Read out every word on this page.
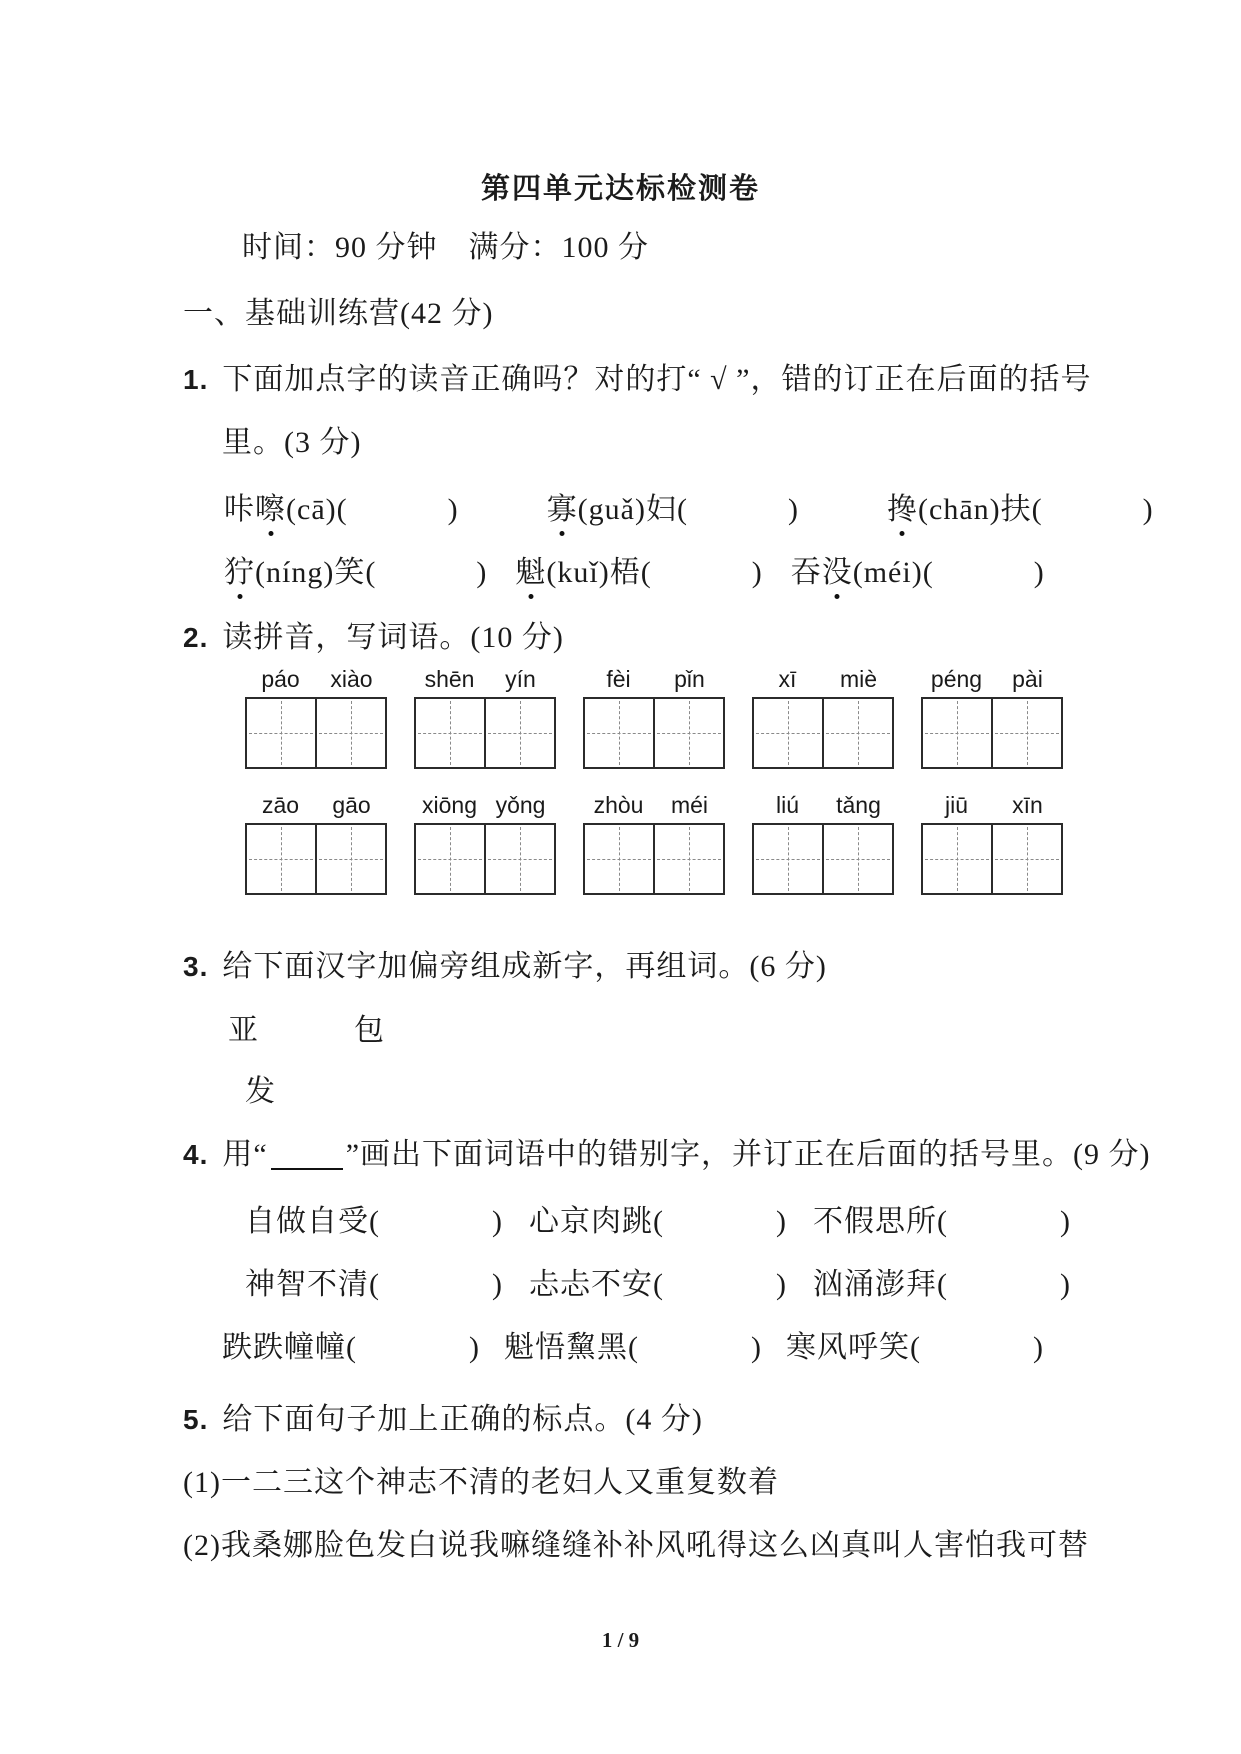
第四单元达标检测卷
时间：90 分钟　满分：100 分
一、基础训练营(42 分)
1. 下面加点字的读音正确吗？对的打“ √ ”，错的订正在后面的括号
里。(3 分)
咔嚓(cā)(	)	寡(guǎ)妇(	)	搀(chān)扶(	)
狞(níng)笑(	) 魁(kuǐ)梧(	) 吞没(méi)(	)
2. 读拼音，写词语。(10 分)
páo	xiào	shēn	yín	fèi	pǐn	xī	miè	péng	pài
zāo	gāo	xiōng yǒng	zhòu	méi	liú	tǎng	jiū	xīn
3. 给下面汉字加偏旁组成新字，再组词。(6 分)
亚	包
发
4. 用“	”画出下面词语中的错别字，并订正在后面的括号里。(9 分)
自做自受(	) 心京肉跳(	) 不假思所(	)
神智不清(	) 忐忐不安(	) 汹涌澎拜(	)
跌跌幢幢(	) 魁悟黧黑(	) 寒风呼笑(	)
5. 给下面句子加上正确的标点。(4 分)
(1)一二三这个神志不清的老妇人又重复数着
(2)我桑娜脸色发白说我嘛缝缝补补风吼得这么凶真叫人害怕我可替
1 / 9
